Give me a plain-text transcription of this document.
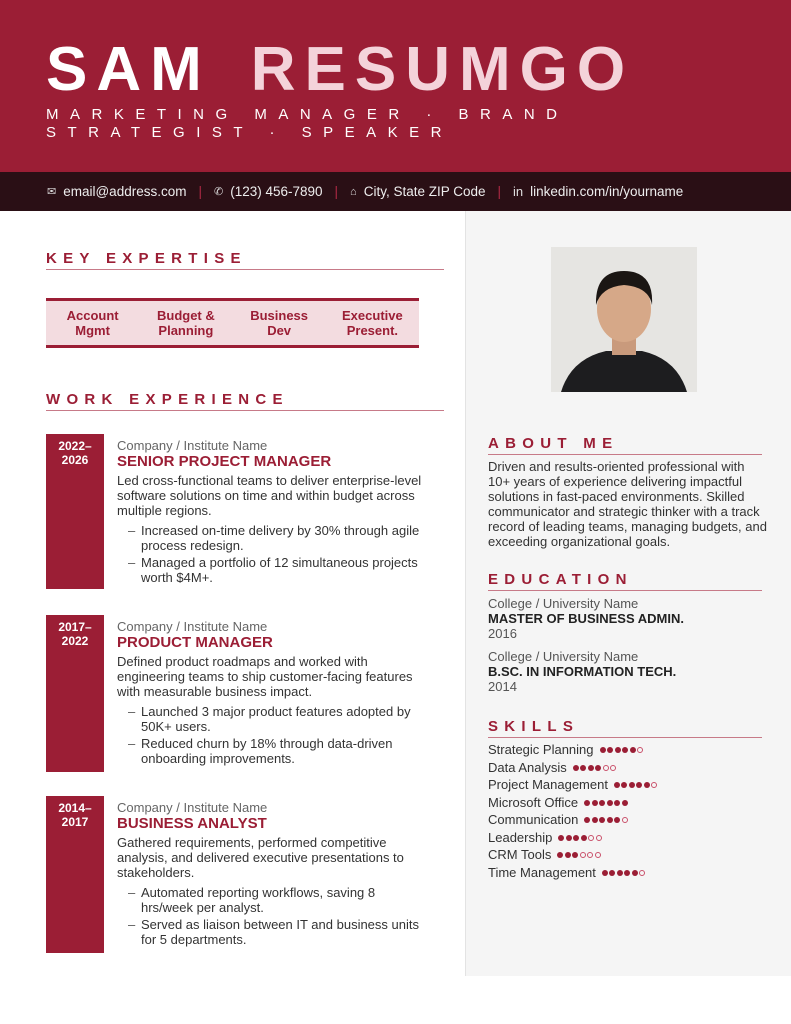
SAM RESUMGO
MARKETING MANAGER · BRAND STRATEGIST · SPEAKER
✉ email@address.com | ✆ (123) 456-7890 | ⌂ City, State ZIP Code | in linkedin.com/in/yourname
KEY EXPERTISE
Account
Mgmt
Budget &
Planning
Business
Dev
Executive
Present.
WORK EXPERIENCE
2022–
2026
Company / Institute Name
SENIOR PROJECT MANAGER
Led cross-functional teams to deliver enterprise-level software solutions on time and within budget across multiple regions.
– Increased on-time delivery by 30% through agile process redesign.
– Managed a portfolio of 12 simultaneous projects worth $4M+.
2017–
2022
Company / Institute Name
PRODUCT MANAGER
Defined product roadmaps and worked with engineering teams to ship customer-facing features with measurable business impact.
– Launched 3 major product features adopted by 50K+ users.
– Reduced churn by 18% through data-driven onboarding improvements.
2014–
2017
Company / Institute Name
BUSINESS ANALYST
Gathered requirements, performed competitive analysis, and delivered executive presentations to stakeholders.
– Automated reporting workflows, saving 8 hrs/week per analyst.
– Served as liaison between IT and business units for 5 departments.
ABOUT ME
Driven and results-oriented professional with 10+ years of experience delivering impactful solutions in fast-paced environments. Skilled communicator and strategic thinker with a track record of leading teams, managing budgets, and exceeding organizational goals.
EDUCATION
College / University Name
MASTER OF BUSINESS ADMIN.
2016
College / University Name
B.SC. IN INFORMATION TECH.
2014
SKILLS
Strategic Planning
Data Analysis
Project Management
Microsoft Office
Communication
Leadership
CRM Tools
Time Management
